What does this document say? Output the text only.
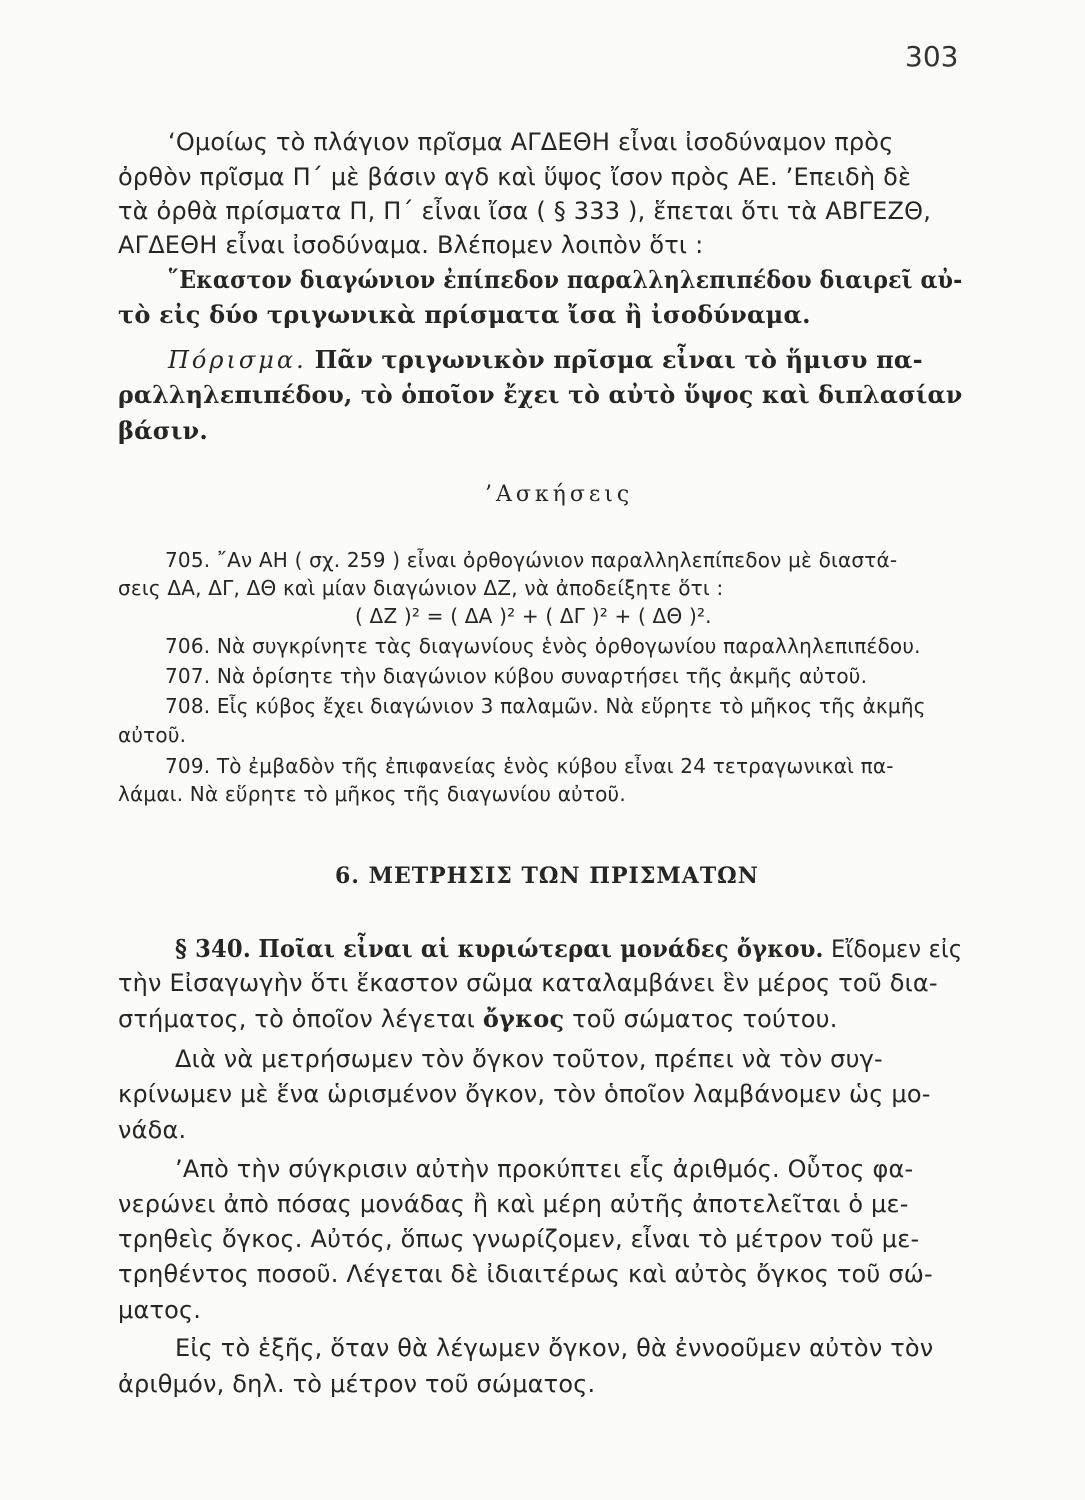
303
‘Ομοίως τὸ πλάγιον πρῖσμα ΑΓΔΕΘΗ εἶναι ἰσοδύναμον πρὸς
ὀρθὸν πρῖσμα Π΄ μὲ βάσιν αγδ καὶ ὕψος ἴσον πρὸς ΑΕ. ’Επειδὴ δὲ
τὰ ὀρθὰ πρίσματα Π, Π΄ εἶναι ἴσα ( § 333 ), ἕπεται ὅτι τὰ ΑΒΓΕΖΘ,
ΑΓΔΕΘΗ εἶναι ἰσοδύναμα. Βλέπομεν λοιπὸν ὅτι :
῞Εκαστον διαγώνιον ἐπίπεδον παραλληλεπιπέδου διαιρεῖ αὐ-
τὸ εἰς δύο τριγωνικὰ πρίσματα ἴσα ἢ ἰσοδύναμα.
Πόρισμα. Πᾶν τριγωνικὸν πρῖσμα εἶναι τὸ ἥμισυ πα-
ραλληλεπιπέδου, τὸ ὁποῖον ἔχει τὸ αὐτὸ ὕψος καὶ διπλασίαν
βάσιν.
’Ασκήσεις
705. ῎Αν ΑΗ ( σχ. 259 ) εἶναι ὀρθογώνιον παραλληλεπίπεδον μὲ διαστά-
σεις ΔΑ, ΔΓ, ΔΘ καὶ μίαν διαγώνιον ΔΖ, νὰ ἀποδείξητε ὅτι :
( ΔΖ )² = ( ΔΑ )² + ( ΔΓ )² + ( ΔΘ )².
706. Νὰ συγκρίνητε τὰς διαγωνίους ἑνὸς ὀρθογωνίου παραλληλεπιπέδου.
707. Νὰ ὁρίσητε τὴν διαγώνιον κύβου συναρτήσει τῆς ἀκμῆς αὐτοῦ.
708. Εἷς κύβος ἔχει διαγώνιον 3 παλαμῶν. Νὰ εὕρητε τὸ μῆκος τῆς ἀκμῆς
αὐτοῦ.
709. Τὸ ἐμβαδὸν τῆς ἐπιφανείας ἑνὸς κύβου εἶναι 24 τετραγωνικαὶ πα-
λάμαι. Νὰ εὕρητε τὸ μῆκος τῆς διαγωνίου αὐτοῦ.
6. ΜΕΤΡΗΣΙΣ ΤΩΝ ΠΡΙΣΜΑΤΩΝ
§ 340. Ποῖαι εἶναι αἱ κυριώτεραι μονάδες ὄγκου. Εἴδομεν εἰς
τὴν Εἰσαγωγὴν ὅτι ἕκαστον σῶμα καταλαμβάνει ἓν μέρος τοῦ δια-
στήματος, τὸ ὁποῖον λέγεται ὄγκος τοῦ σώματος τούτου.
Διὰ νὰ μετρήσωμεν τὸν ὄγκον τοῦτον, πρέπει νὰ τὸν συγ-
κρίνωμεν μὲ ἕνα ὡρισμένον ὄγκον, τὸν ὁποῖον λαμβάνομεν ὡς μο-
νάδα.
’Απὸ τὴν σύγκρισιν αὐτὴν προκύπτει εἷς ἀριθμός. Οὗτος φα-
νερώνει ἀπὸ πόσας μονάδας ἢ καὶ μέρη αὐτῆς ἀποτελεῖται ὁ με-
τρηθεὶς ὄγκος. Αὐτός, ὅπως γνωρίζομεν, εἶναι τὸ μέτρον τοῦ με-
τρηθέντος ποσοῦ. Λέγεται δὲ ἰδιαιτέρως καὶ αὐτὸς ὄγκος τοῦ σώ-
ματος.
Εἰς τὸ ἑξῆς, ὅταν θὰ λέγωμεν ὄγκον, θὰ ἐννοοῦμεν αὐτὸν τὸν
ἀριθμόν, δηλ. τὸ μέτρον τοῦ σώματος.
